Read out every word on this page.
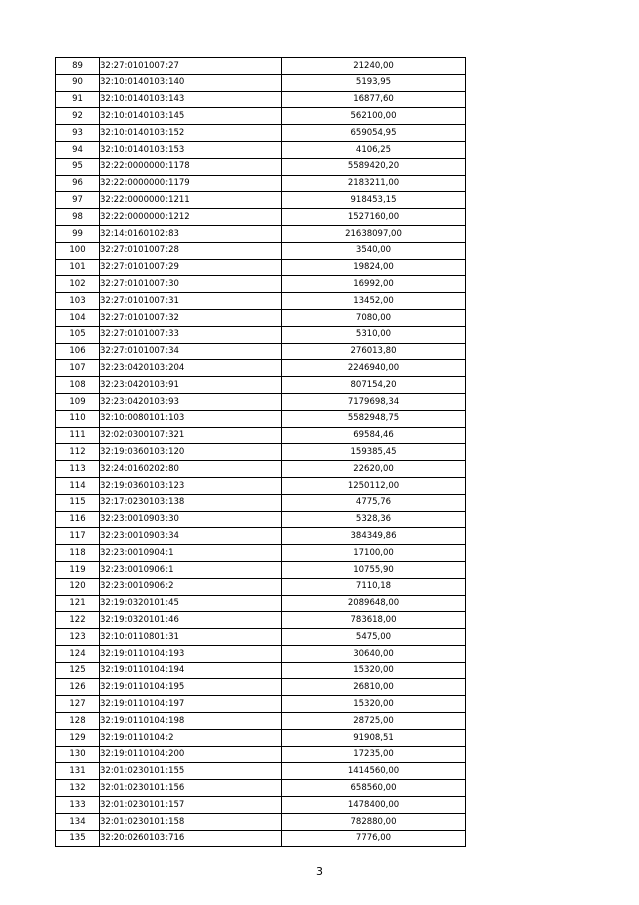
89	32:27:0101007:27	21240,00
90	32:10:0140103:140	5193,95
91	32:10:0140103:143	16877,60
92	32:10:0140103:145	562100,00
93	32:10:0140103:152	659054,95
94	32:10:0140103:153	4106,25
95	32:22:0000000:1178	5589420,20
96	32:22:0000000:1179	2183211,00
97	32:22:0000000:1211	918453,15
98	32:22:0000000:1212	1527160,00
99	32:14:0160102:83	21638097,00
100	32:27:0101007:28	3540,00
101	32:27:0101007:29	19824,00
102	32:27:0101007:30	16992,00
103	32:27:0101007:31	13452,00
104	32:27:0101007:32	7080,00
105	32:27:0101007:33	5310,00
106	32:27:0101007:34	276013,80
107	32:23:0420103:204	2246940,00
108	32:23:0420103:91	807154,20
109	32:23:0420103:93	7179698,34
110	32:10:0080101:103	5582948,75
111	32:02:0300107:321	69584,46
112	32:19:0360103:120	159385,45
113	32:24:0160202:80	22620,00
114	32:19:0360103:123	1250112,00
115	32:17:0230103:138	4775,76
116	32:23:0010903:30	5328,36
117	32:23:0010903:34	384349,86
118	32:23:0010904:1	17100,00
119	32:23:0010906:1	10755,90
120	32:23:0010906:2	7110,18
121	32:19:0320101:45	2089648,00
122	32:19:0320101:46	783618,00
123	32:10:0110801:31	5475,00
124	32:19:0110104:193	30640,00
125	32:19:0110104:194	15320,00
126	32:19:0110104:195	26810,00
127	32:19:0110104:197	15320,00
128	32:19:0110104:198	28725,00
129	32:19:0110104:2	91908,51
130	32:19:0110104:200	17235,00
131	32:01:0230101:155	1414560,00
132	32:01:0230101:156	658560,00
133	32:01:0230101:157	1478400,00
134	32:01:0230101:158	782880,00
135	32:20:0260103:716	7776,00
3
